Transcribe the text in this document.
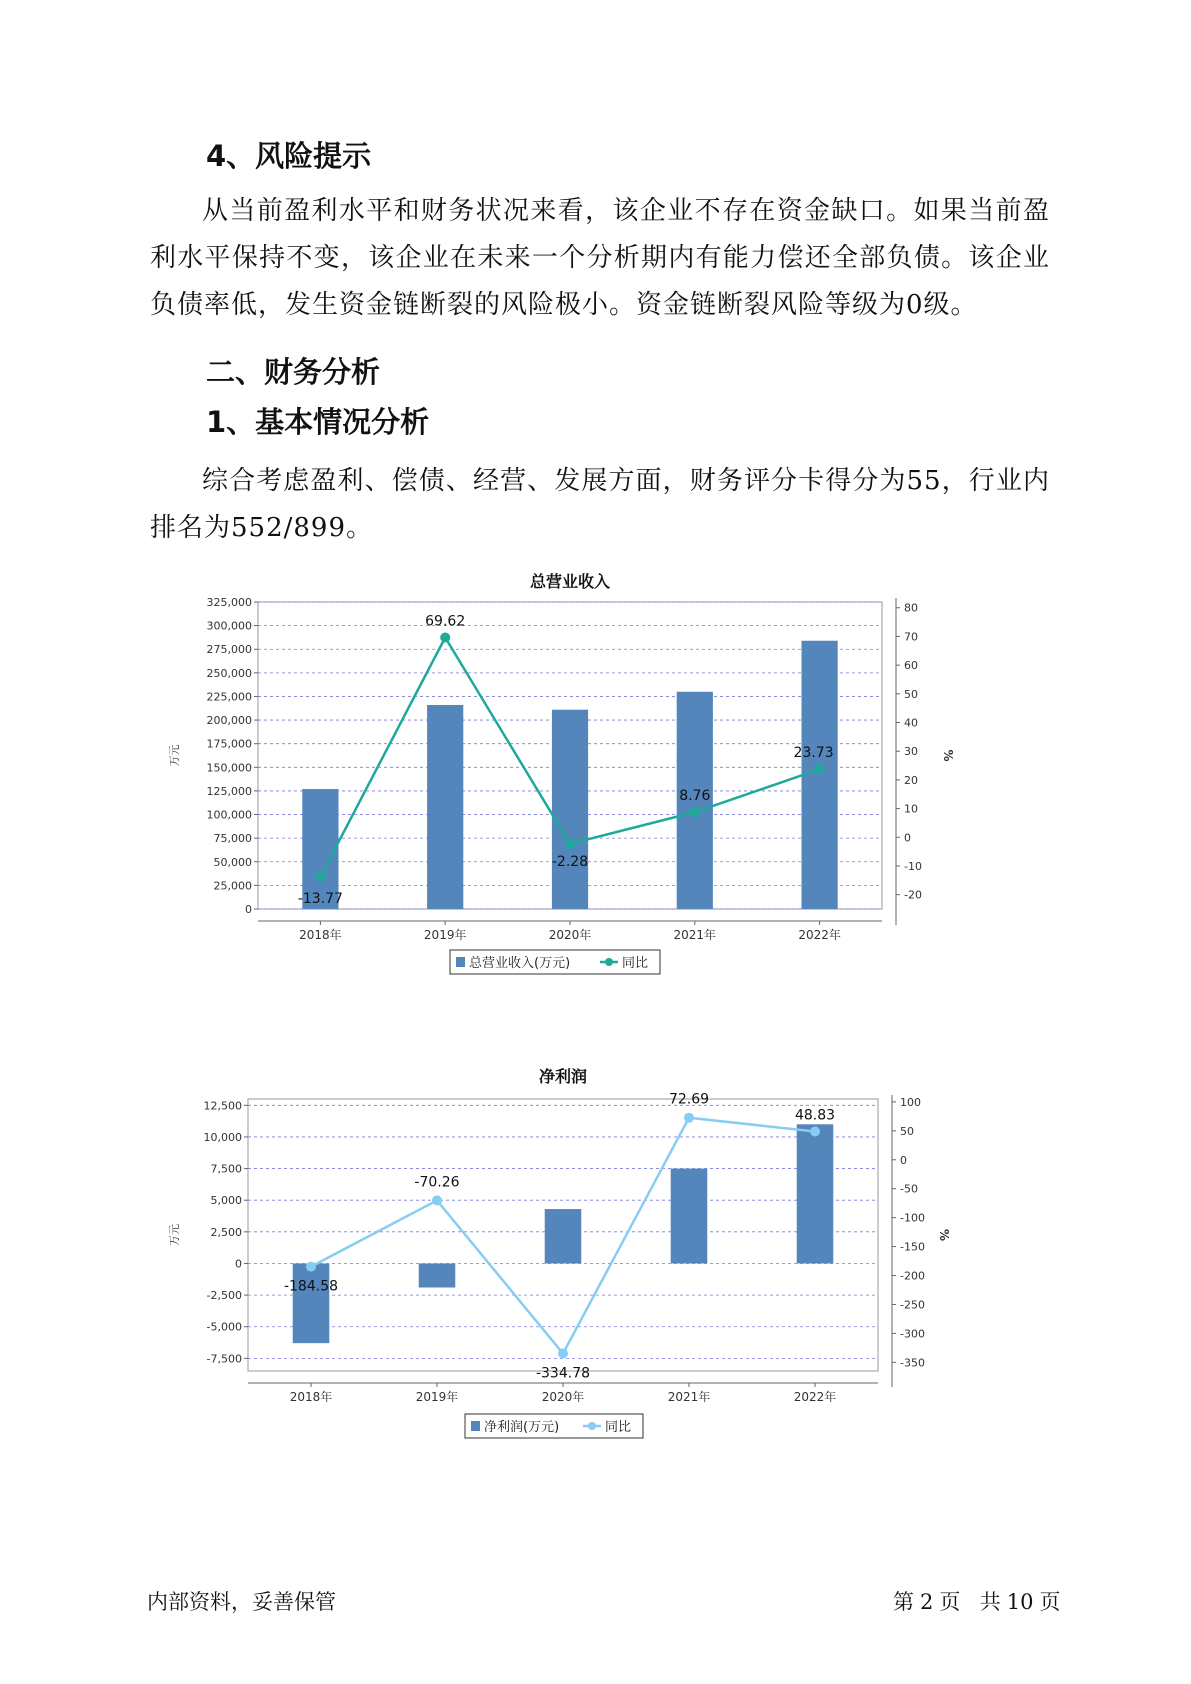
4、风险提示

从当前盈利水平和财务状况来看，该企业不存在资金缺口。如果当前盈利水平保持不变，该企业在未来一个分析期内有能力偿还全部负债。该企业负债率低，发生资金链断裂的风险极小。资金链断裂风险等级为0级。

二、财务分析
1、基本情况分析

综合考虑盈利、偿债、经营、发展方面，财务评分卡得分为55，行业内排名为552/899。

0
25,000
50,000
75,000
100,000
125,000
150,000
175,000
200,000
225,000
250,000
275,000
300,000
325,000
万元
-20
-10
0
10
20
30
40
50
60
70
80
%
2018年	2019年	2020年	2021年	2022年
-13.77
69.62
-2.28
8.76
23.73
总营业收入(万元)	同比
总营业收入
-7,500
-5,000
-2,500
0
2,500
5,000
7,500
10,000
12,500
万元
-350
-300
-250
-200
-150
-100
-50
0
50
100
%
2018年	2019年	2020年	2021年	2022年
-184.58
-70.26
-334.78
72.69
48.83
净利润(万元)	同比
净利润
内部资料，妥善保管	第 2 页 共 10 页
